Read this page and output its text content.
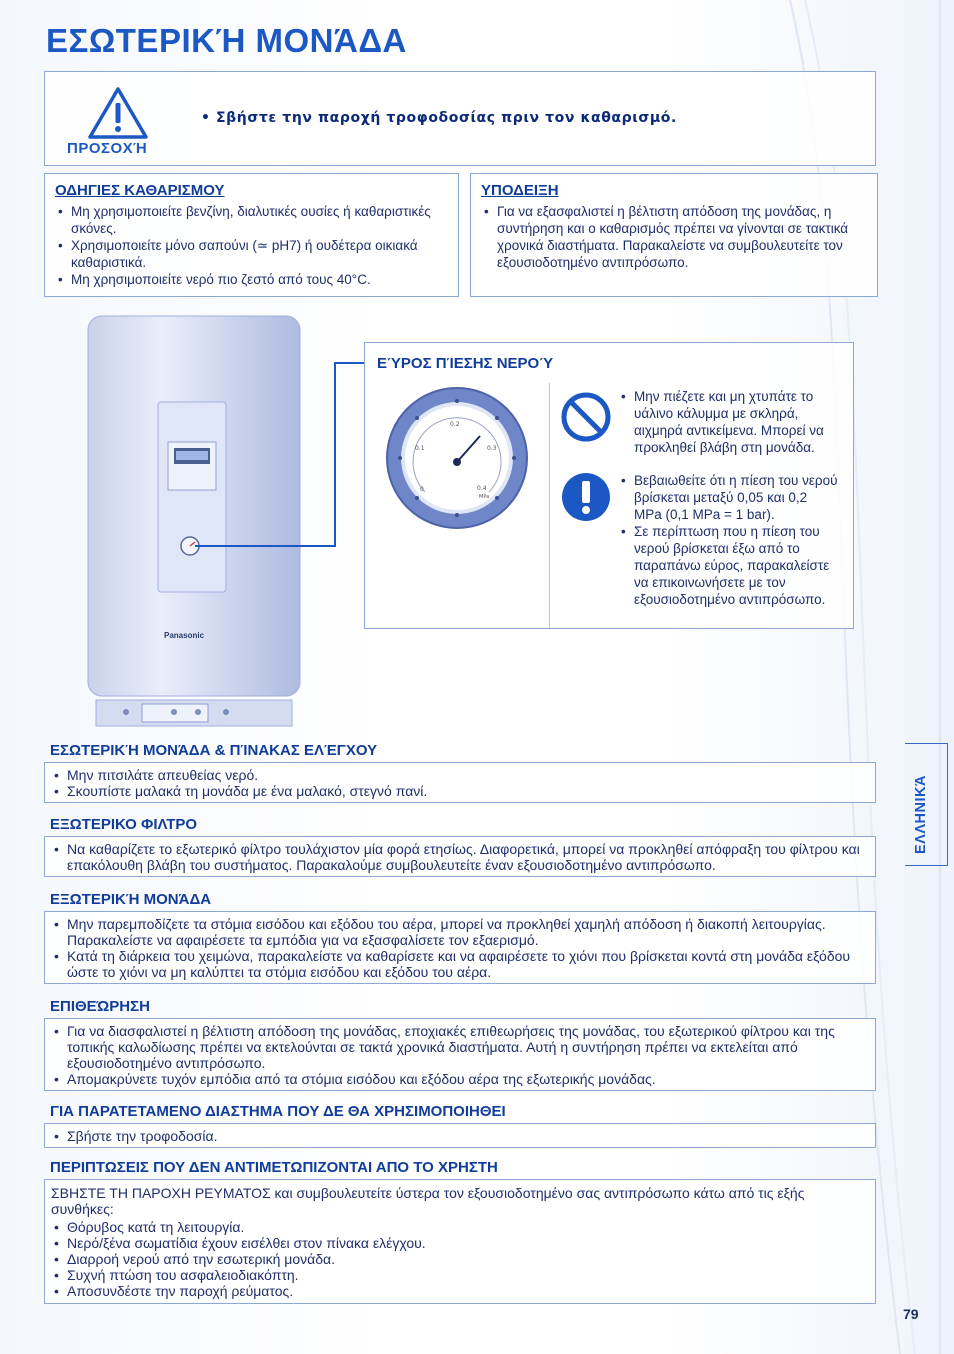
ΕΣΩΤΕΡΙΚΉ ΜΟΝΆΔΑ
ΠΡΟΣΟΧΉ
• Σβήστε την παροχή τροφοδοσίας πριν τον καθαρισμό.
ΟΔΗΓΙΕΣ ΚΑΘΑΡΙΣΜΟΥ
• Μη χρησιμοποιείτε βενζίνη, διαλυτικές ουσίες ή καθαριστικές σκόνες.
• Χρησιμοποιείτε μόνο σαπούνι (≃ pH7) ή ουδέτερα οικιακά καθαριστικά.
• Μη χρησιμοποιείτε νερό πιο ζεστό από τους 40°C.
ΥΠΟΔΕΙΞΗ
• Για να εξασφαλιστεί η βέλτιστη απόδοση της μονάδας, η συντήρηση και ο καθαρισμός πρέπει να γίνονται σε τακτικά χρονικά διαστήματα. Παρακαλείστε να συμβουλευτείτε τον εξουσιοδοτημένο αντιπρόσωπο.
Panasonic
ΕΎΡΟΣ ΠΊΕΣΗΣ ΝΕΡΟΎ
0
0.1
0.2
0.3
0.4
MPa
• Μην πιέζετε και μη χτυπάτε το υάλινο κάλυμμα με σκληρά, αιχμηρά αντικείμενα. Μπορεί να προκληθεί βλάβη στη μονάδα.
• Βεβαιωθείτε ότι η πίεση του νερού βρίσκεται μεταξύ 0,05 και 0,2 MPa (0,1 MPa = 1 bar).
• Σε περίπτωση που η πίεση του νερού βρίσκεται έξω από το παραπάνω εύρος, παρακαλείστε να επικοινωνήσετε με τον εξουσιοδοτημένο αντιπρόσωπο.
ΕΣΩΤΕΡΙΚΉ ΜΟΝΆΔΑ & ΠΊΝΑΚΑΣ ΕΛΈΓΧΟΥ
• Μην πιτσιλάτε απευθείας νερό.
• Σκουπίστε μαλακά τη μονάδα με ένα μαλακό, στεγνό πανί.
ΕΞΩΤΕΡΙΚΟ ΦΙΛΤΡΟ
• Να καθαρίζετε το εξωτερικό φίλτρο τουλάχιστον μία φορά ετησίως. Διαφορετικά, μπορεί να προκληθεί απόφραξη του φίλτρου και επακόλουθη βλάβη του συστήματος. Παρακαλούμε συμβουλευτείτε έναν εξουσιοδοτημένο αντιπρόσωπο.
ΕΞΩΤΕΡΙΚΉ ΜΟΝΆΔΑ
• Μην παρεμποδίζετε τα στόμια εισόδου και εξόδου του αέρα, μπορεί να προκληθεί χαμηλή απόδοση ή διακοπή λειτουργίας. Παρακαλείστε να αφαιρέσετε τα εμπόδια για να εξασφαλίσετε τον εξαερισμό.
• Κατά τη διάρκεια του χειμώνα, παρακαλείστε να καθαρίσετε και να αφαιρέσετε το χιόνι που βρίσκεται κοντά στη μονάδα εξόδου ώστε το χιόνι να μη καλύπτει τα στόμια εισόδου και εξόδου του αέρα.
ΕΠΙΘΕΏΡΗΣΗ
• Για να διασφαλιστεί η βέλτιστη απόδοση της μονάδας, εποχιακές επιθεωρήσεις της μονάδας, του εξωτερικού φίλτρου και της τοπικής καλωδίωσης πρέπει να εκτελούνται σε τακτά χρονικά διαστήματα. Αυτή η συντήρηση πρέπει να εκτελείται από εξουσιοδοτημένο αντιπρόσωπο.
• Απομακρύνετε τυχόν εμπόδια από τα στόμια εισόδου και εξόδου αέρα της εξωτερικής μονάδας.
ΓΙΑ ΠΑΡΑΤΕΤΑΜΕΝΟ ΔΙΑΣΤΗΜΑ ΠΟΥ ΔΕ ΘΑ ΧΡΗΣΙΜΟΠΟΙΗΘΕΙ
• Σβήστε την τροφοδοσία.
ΠΕΡΙΠΤΩΣΕΙΣ ΠΟΥ ΔΕΝ ΑΝΤΙΜΕΤΩΠΙΖΟΝΤΑΙ ΑΠΟ ΤΟ ΧΡΗΣΤΗ

ΣΒΗΣΤΕ ΤΗ ΠΑΡΟΧΗ ΡΕΥΜΑΤΟΣ και συμβουλευτείτε ύστερα τον εξουσιοδοτημένο σας αντιπρόσωπο κάτω από τις εξής συνθήκες:

• Θόρυβος κατά τη λειτουργία.
• Νερό/ξένα σωματίδια έχουν εισέλθει στον πίνακα ελέγχου.
• Διαρροή νερού από την εσωτερική μονάδα.
• Συχνή πτώση του ασφαλειοδιακόπτη.
• Αποσυνδέστε την παροχή ρεύματος.
ΕΛΛΗΝΙΚΆ
79
